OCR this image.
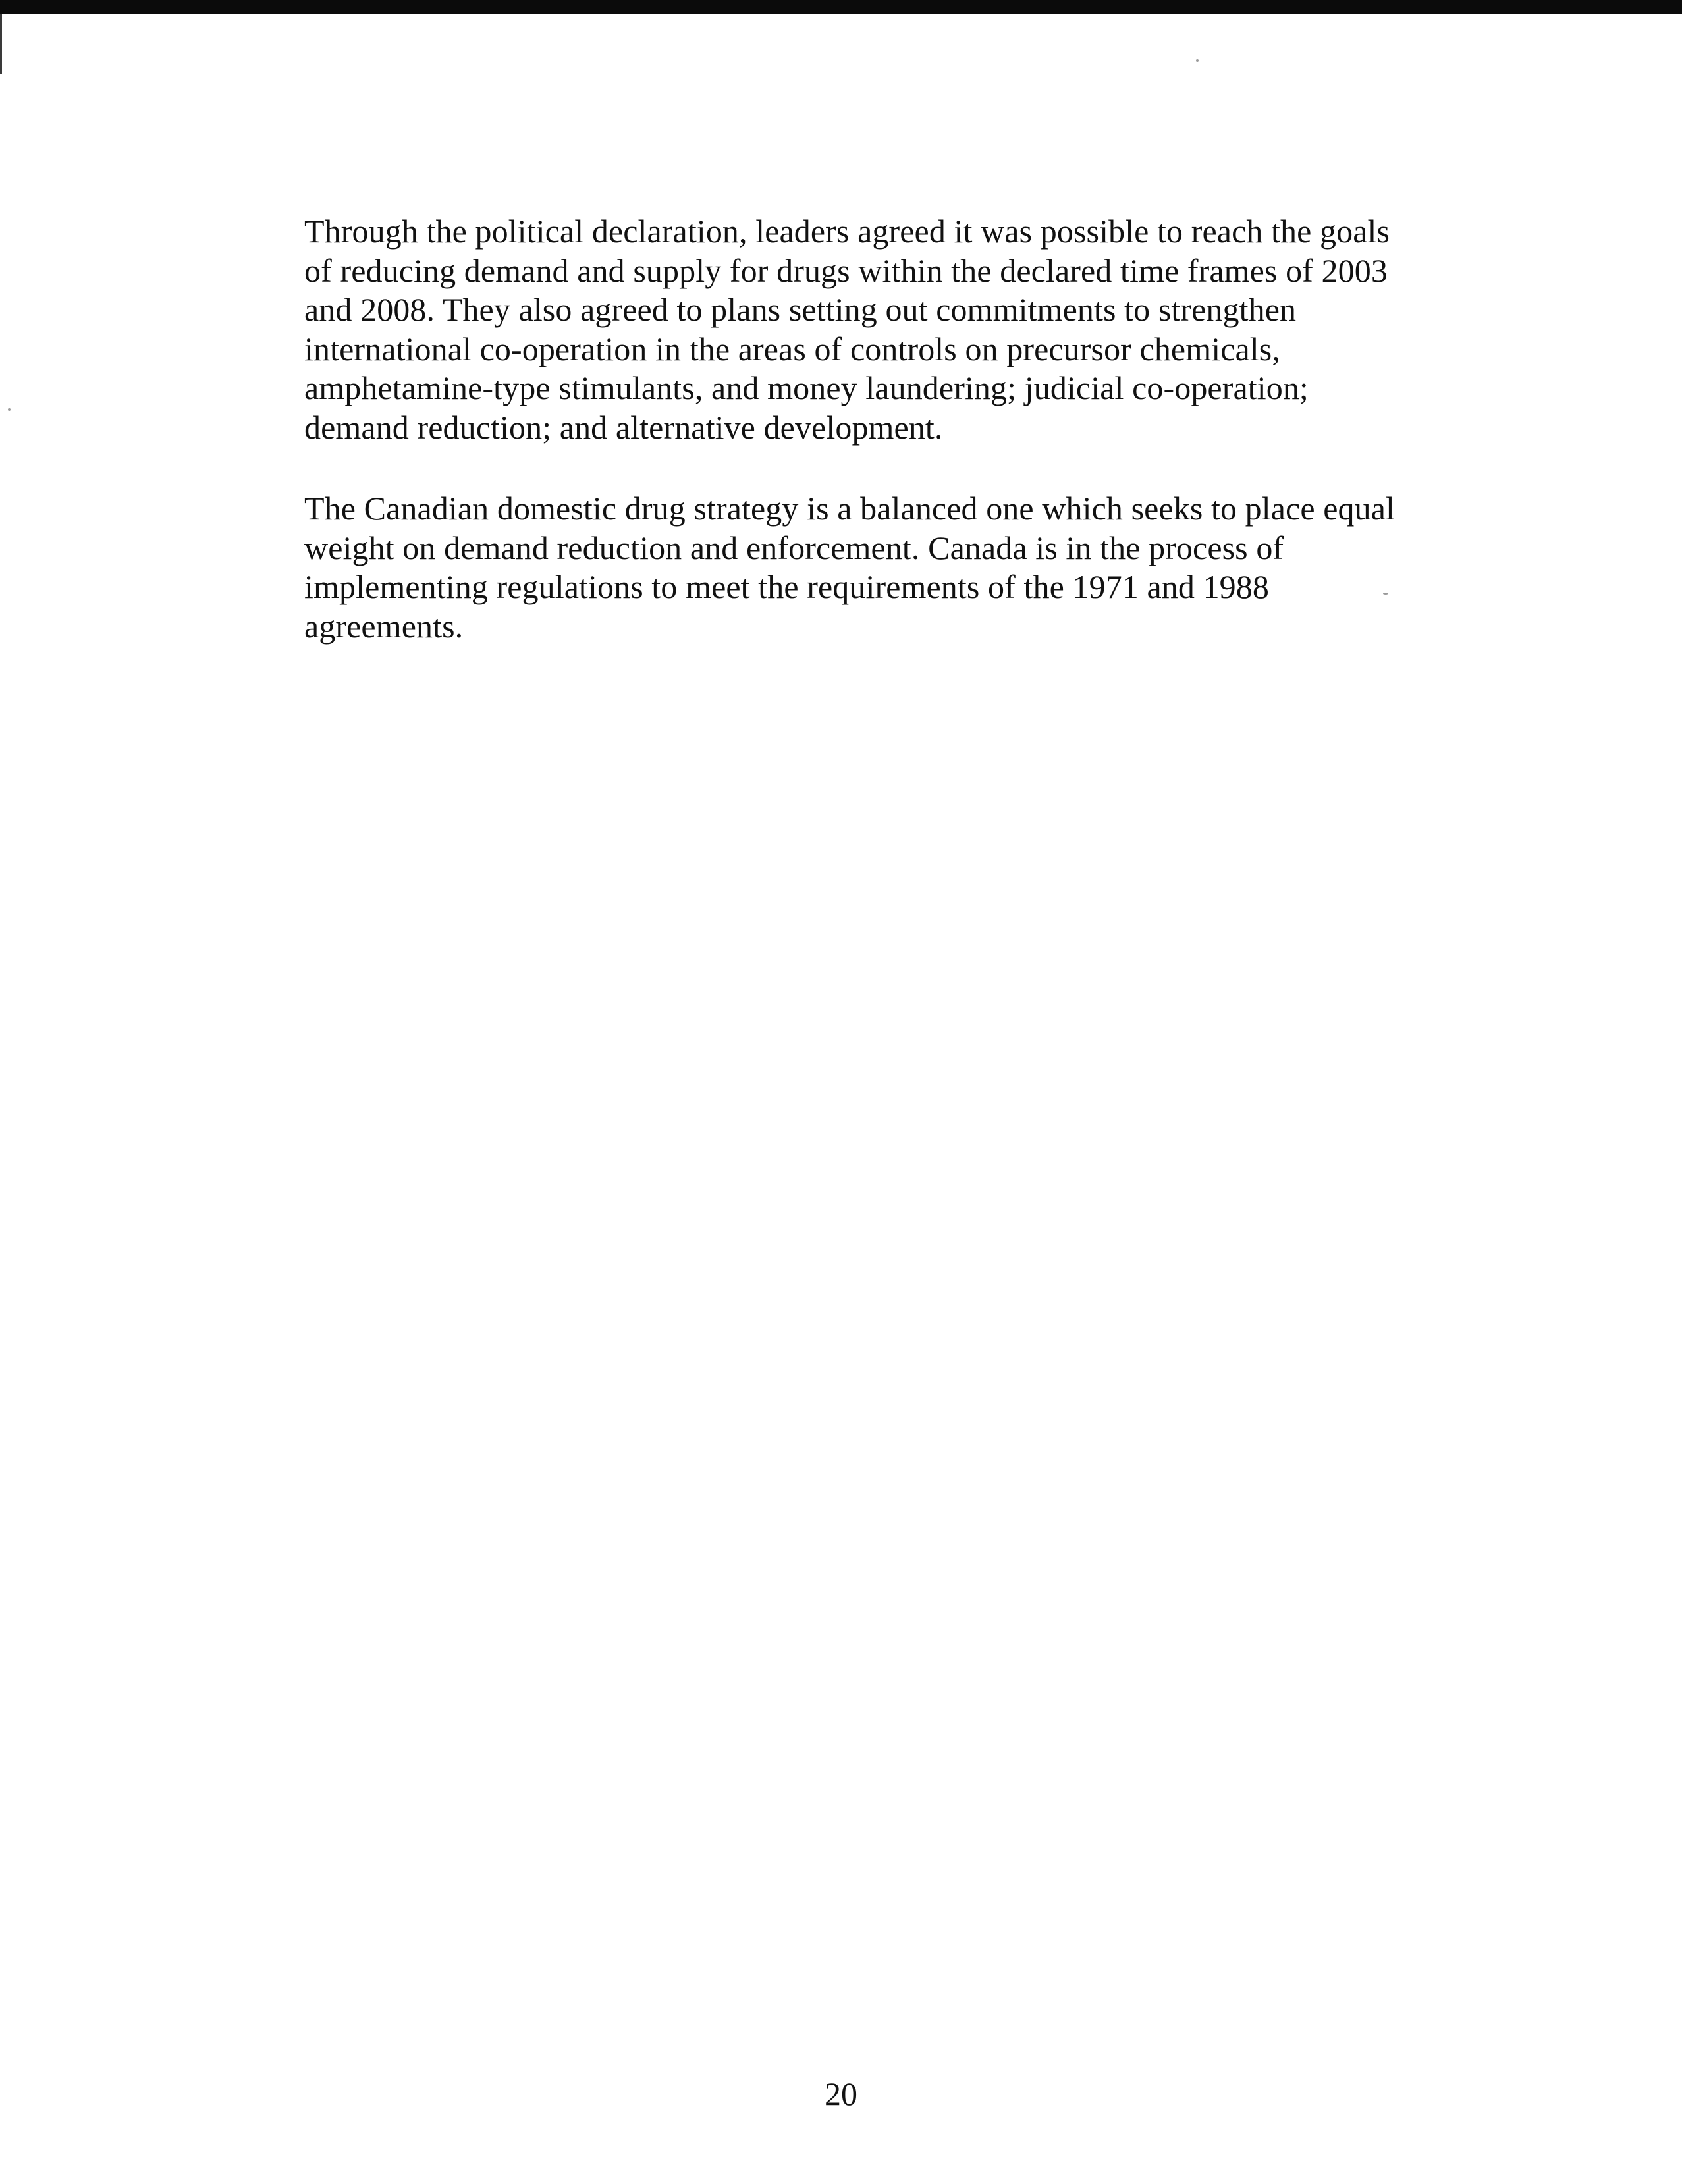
Through the political declaration, leaders agreed it was possible to reach the goals
of reducing demand and supply for drugs within the declared time frames of 2003
and 2008. They also agreed to plans setting out commitments to strengthen
international co-operation in the areas of controls on precursor chemicals,
amphetamine-type stimulants, and money laundering; judicial co-operation;
demand reduction; and alternative development.

The Canadian domestic drug strategy is a balanced one which seeks to place equal
weight on demand reduction and enforcement. Canada is in the process of
implementing regulations to meet the requirements of the 1971 and 1988
agreements.

20
